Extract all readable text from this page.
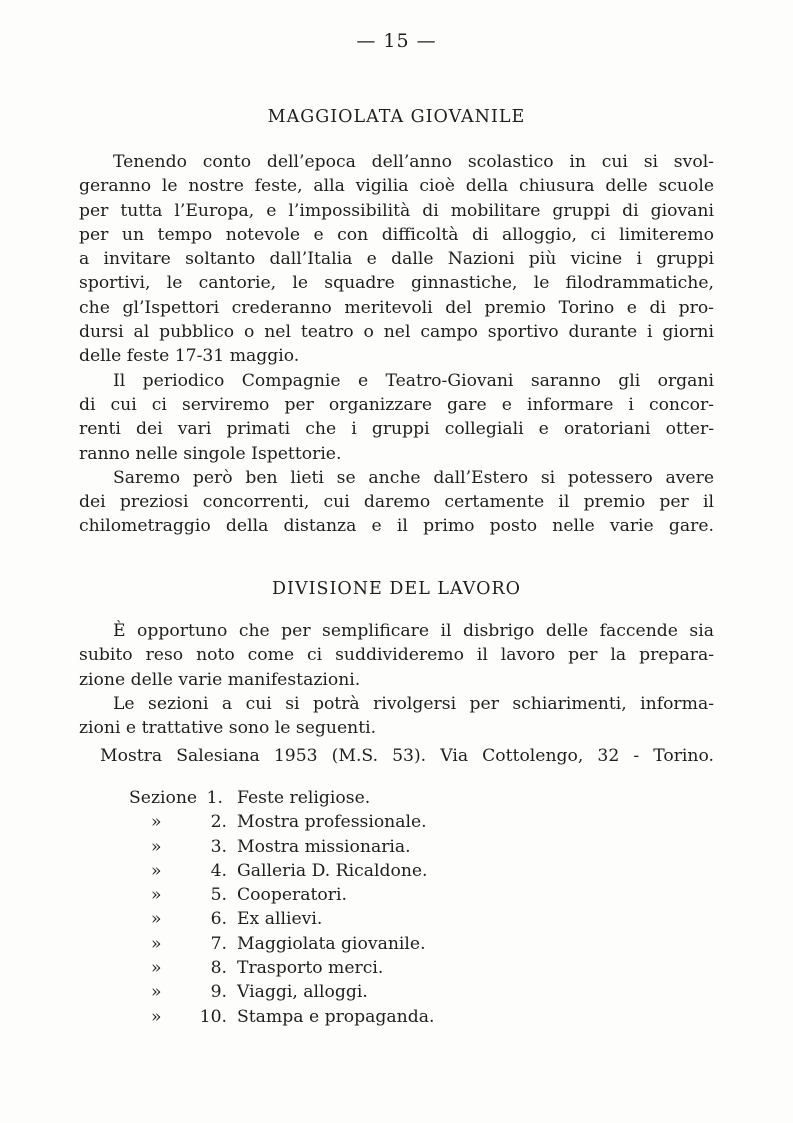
— 15 —
MAGGIOLATA GIOVANILE
Tenendo conto dell’epoca dell’anno scolastico in cui si svol-
geranno le nostre feste, alla vigilia cioè della chiusura delle scuole
per tutta l’Europa, e l’impossibilità di mobilitare gruppi di giovani
per un tempo notevole e con difficoltà di alloggio, ci limiteremo
a invitare soltanto dall’Italia e dalle Nazioni più vicine i gruppi
sportivi, le cantorie, le squadre ginnastiche, le filodrammatiche,
che gl’Ispettori crederanno meritevoli del premio Torino e di pro-
dursi al pubblico o nel teatro o nel campo sportivo durante i giorni
delle feste 17-31 maggio.
Il periodico Compagnie e Teatro-Giovani saranno gli organi
di cui ci serviremo per organizzare gare e informare i concor-
renti dei vari primati che i gruppi collegiali e oratoriani otter-
ranno nelle singole Ispettorie.
Saremo però ben lieti se anche dall’Estero si potessero avere
dei preziosi concorrenti, cui daremo certamente il premio per il
chilometraggio della distanza e il primo posto nelle varie gare.
DIVISIONE DEL LAVORO
È opportuno che per semplificare il disbrigo delle faccende sia
subito reso noto come ci suddivideremo il lavoro per la prepara-
zione delle varie manifestazioni.
Le sezioni a cui si potrà rivolgersi per schiarimenti, informa-
zioni e trattative sono le seguenti.
Mostra Salesiana 1953 (M.S. 53). Via Cottolengo, 32 - Torino.
Sezione 1. Feste religiose.
»	2. Mostra professionale.
»	3. Mostra missionaria.
»	4. Galleria D. Ricaldone.
»	5. Cooperatori.
»	6. Ex allievi.
»	7. Maggiolata giovanile.
»	8. Trasporto merci.
»	9. Viaggi, alloggi.
»	10. Stampa e propaganda.
